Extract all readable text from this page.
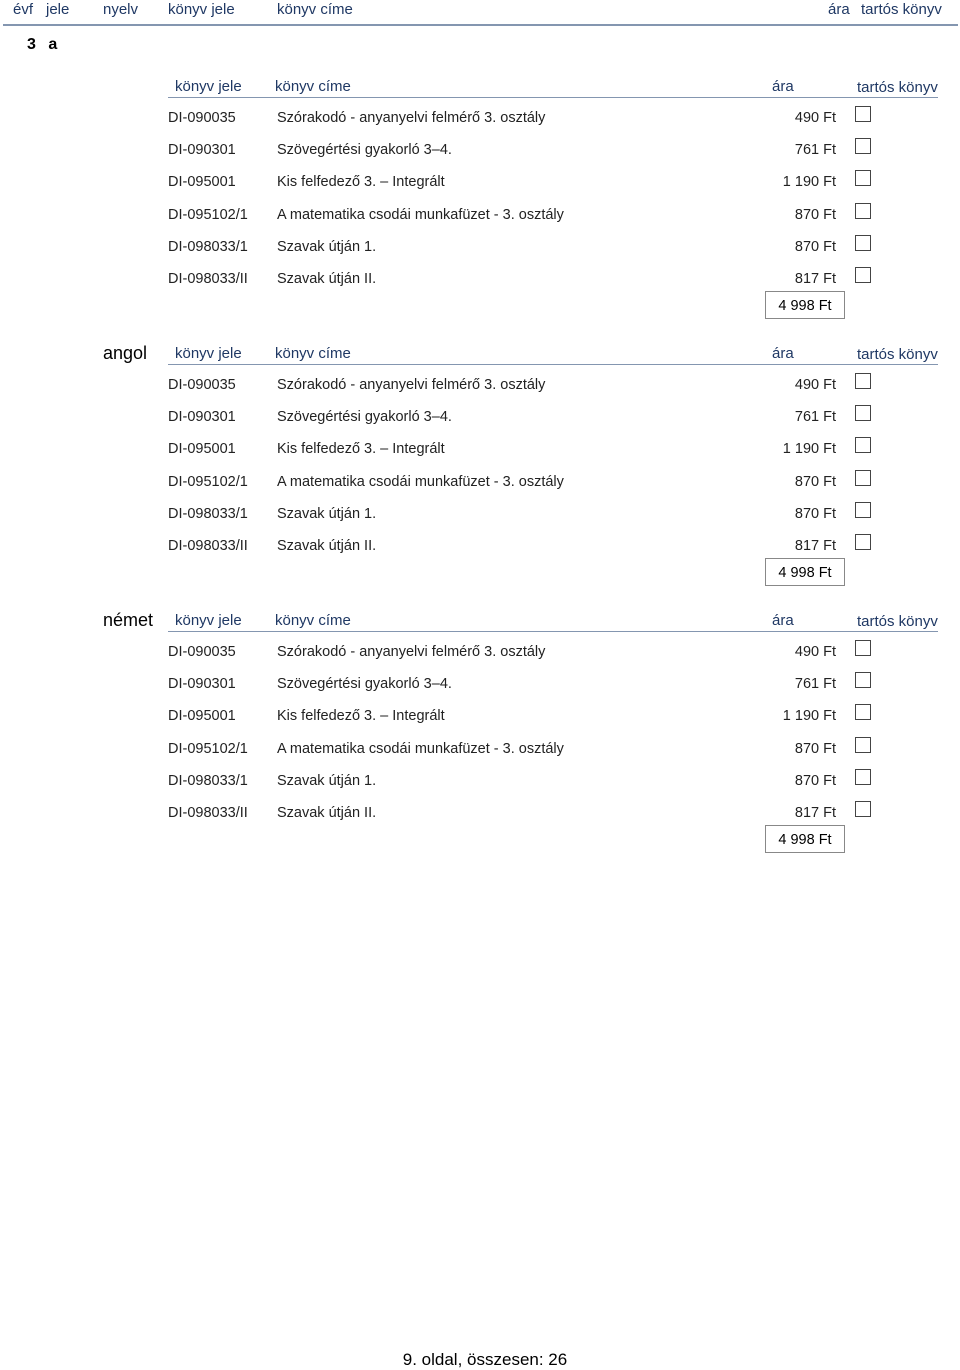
évf jele nyelv könyv jele	könyv címe	ára tartós könyv
3 a
könyv jele könyv címe	ára	tartós könyv
DI-090035	Szórakodó - anyanyelvi felmérő 3. osztály	490 Ft
DI-090301	Szövegértési gyakorló 3–4.	761 Ft
DI-095001	Kis felfedező 3. – Integrált	1 190 Ft
DI-095102/1 A matematika csodái munkafüzet - 3. osztály	870 Ft
DI-098033/1 Szavak útján 1.	870 Ft
DI-098033/II Szavak útján II.	817 Ft
4 998 Ft
angol könyv jele könyv címe	ára	tartós könyv
DI-090035	Szórakodó - anyanyelvi felmérő 3. osztály	490 Ft
DI-090301	Szövegértési gyakorló 3–4.	761 Ft
DI-095001	Kis felfedező 3. – Integrált	1 190 Ft
DI-095102/1 A matematika csodái munkafüzet - 3. osztály	870 Ft
DI-098033/1 Szavak útján 1.	870 Ft
DI-098033/II Szavak útján II.	817 Ft
4 998 Ft
német könyv jele könyv címe	ára	tartós könyv
DI-090035	Szórakodó - anyanyelvi felmérő 3. osztály	490 Ft
DI-090301	Szövegértési gyakorló 3–4.	761 Ft
DI-095001	Kis felfedező 3. – Integrált	1 190 Ft
DI-095102/1 A matematika csodái munkafüzet - 3. osztály	870 Ft
DI-098033/1 Szavak útján 1.	870 Ft
DI-098033/II Szavak útján II.	817 Ft
4 998 Ft
9. oldal, összesen: 26
